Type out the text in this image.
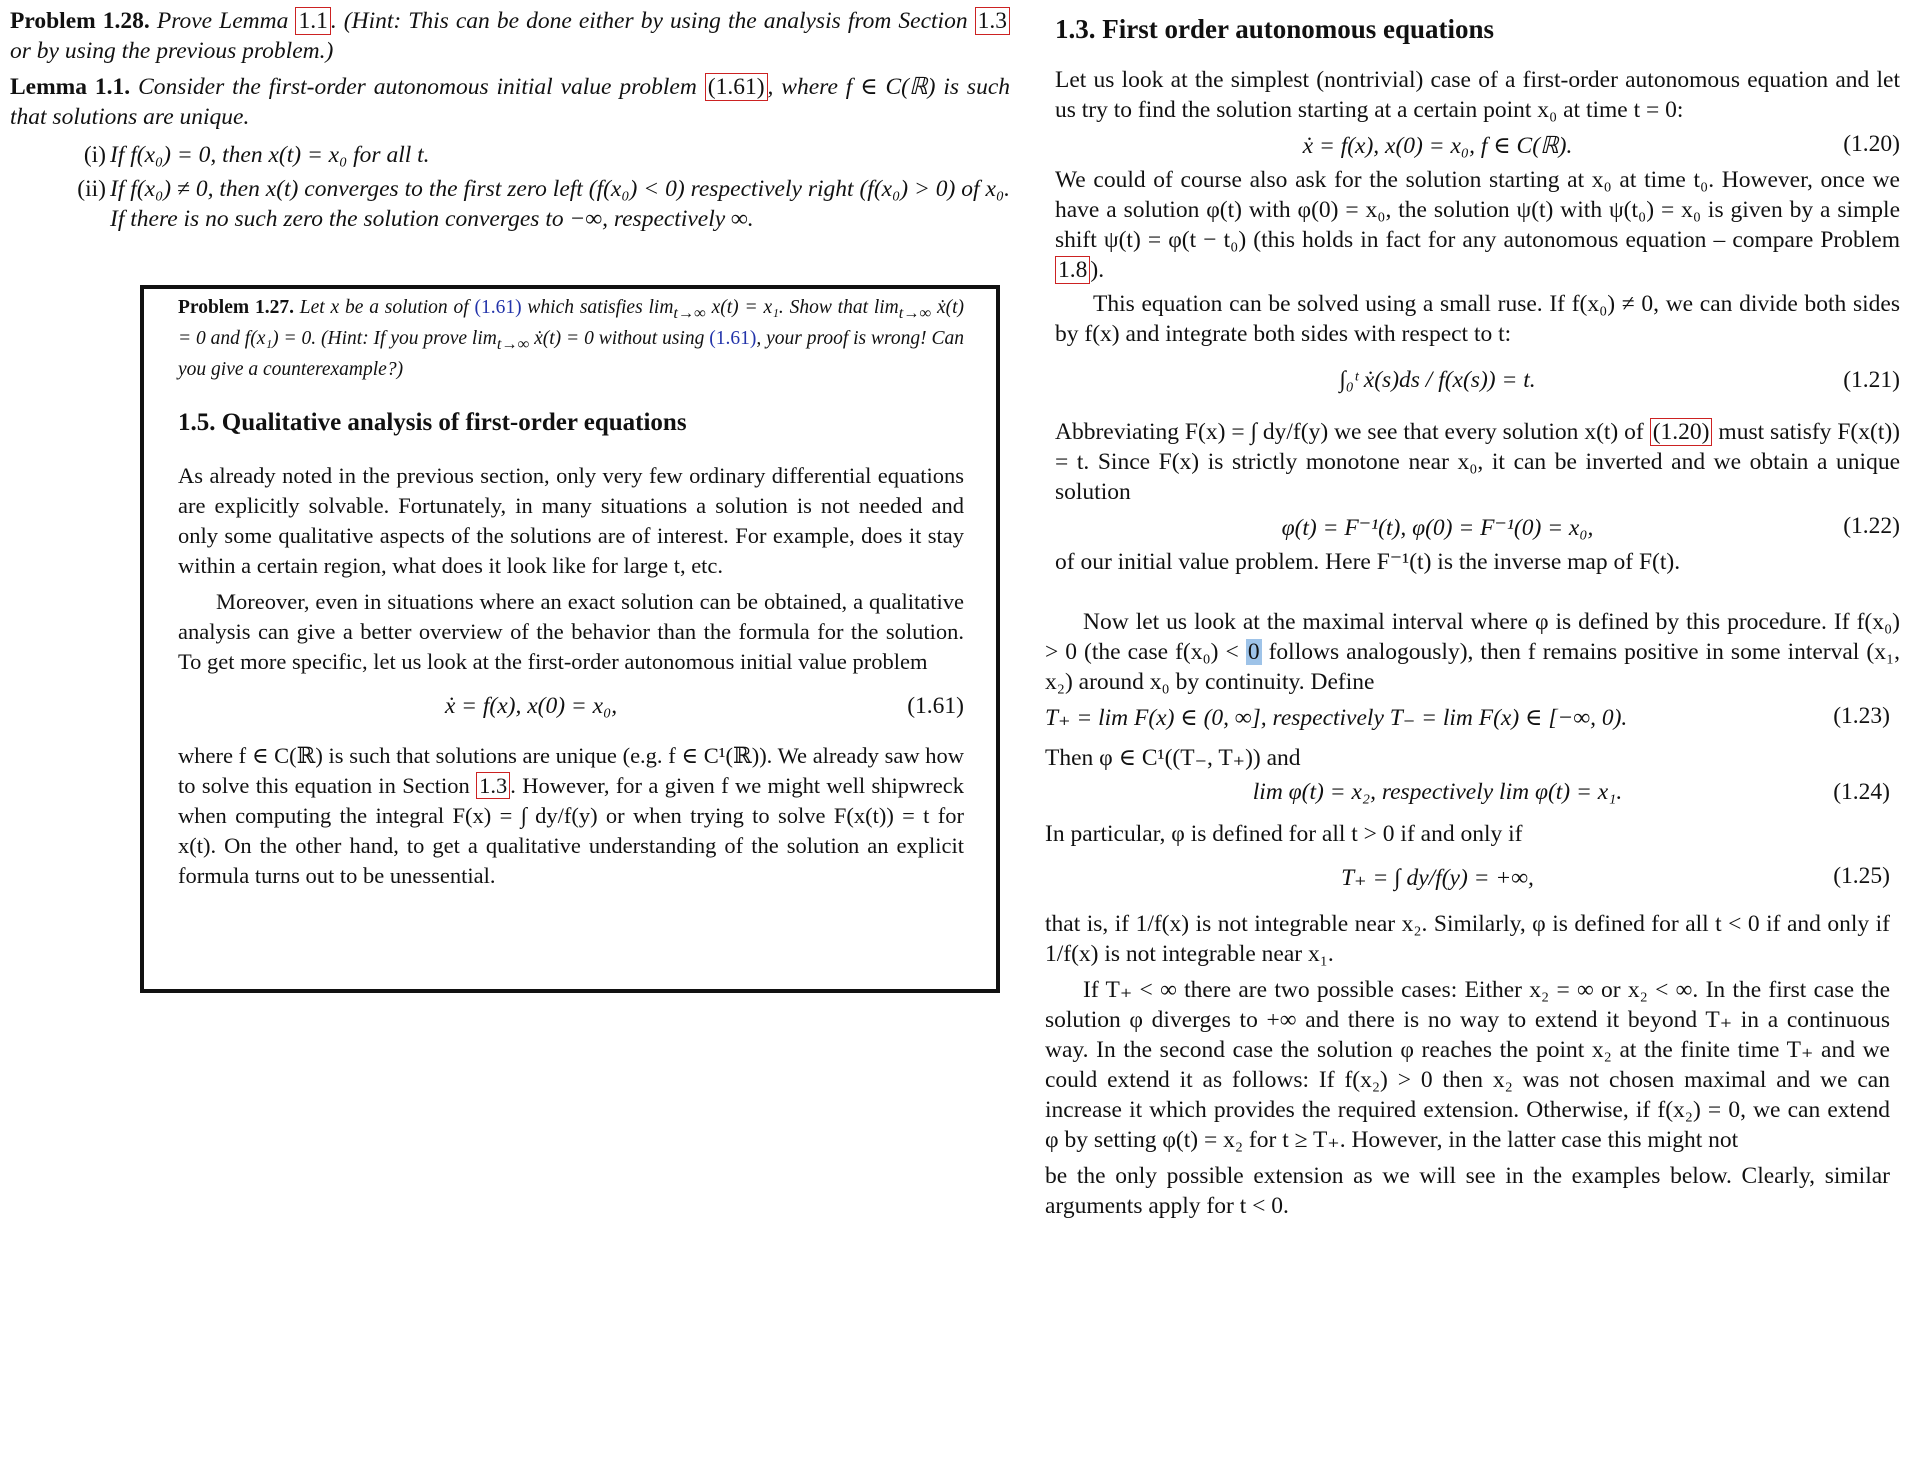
Problem 1.28. Prove Lemma 1.1 . (Hint: This can be done either by using the analysis from Section 1.3 or by using the previous problem.)

Lemma 1.1. Consider the first-order autonomous initial value problem (1.61) , where f ∈ C(ℝ) is such that solutions are unique.

(i) If f(x₀) = 0, then x(t) = x₀ for all t.
(ii) If f(x₀) ≠ 0, then x(t) converges to the first zero left (f(x₀) < 0) respectively right (f(x₀) > 0) of x₀. If there is no such zero the solution converges to −∞, respectively ∞.

Problem 1.27. Let x be a solution of (1.61) which satisfies $\lim_{t\to\infty} x(t) = x_1$. Show that $\lim_{t\to\infty}$ ẋ(t) = 0 and f(x₁) = 0. (Hint: If you prove $\lim_{t\to\infty}$ ẋ(t) = 0 without using (1.61), your proof is wrong! Can you give a counterexample?)

1.5. Qualitative analysis of first-order equations

As already noted in the previous section, only very few ordinary differential equations are explicitly solvable. Fortunately, in many situations a solution is not needed and only some qualitative aspects of the solutions are of interest. For example, does it stay within a certain region, what does it look like for large t, etc.

Moreover, even in situations where an exact solution can be obtained, a qualitative analysis can give a better overview of the behavior than the formula for the solution. To get more specific, let us look at the first-order autonomous initial value problem

ẋ = f(x), x(0) = x₀,	(1.61)

where f ∈ C(ℝ) is such that solutions are unique (e.g. f ∈ C¹(ℝ)). We already saw how to solve this equation in Section 1.3 . However, for a given f we might well shipwreck when computing the integral F(x) = ∫ dy/f(y) or when trying to solve F(x(t)) = t for x(t). On the other hand, to get a qualitative understanding of the solution an explicit formula turns out to be unessential.

1.3. First order autonomous equations

Let us look at the simplest (nontrivial) case of a first-order autonomous equation and let us try to find the solution starting at a certain point x₀ at time t = 0:

ẋ = f(x), x(0) = x₀, f ∈ C(ℝ).	(1.20)

We could of course also ask for the solution starting at x₀ at time t₀. However, once we have a solution φ(t) with φ(0) = x₀, the solution ψ(t) with ψ(t₀) = x₀ is given by a simple shift ψ(t) = φ(t − t₀) (this holds in fact for any autonomous equation – compare Problem 1.8 ).

This equation can be solved using a small ruse. If f(x₀) ≠ 0, we can divide both sides by f(x) and integrate both sides with respect to t:

∫₀ᵗ ẋ(s)ds / f(x(s)) = t.	(1.21)

Abbreviating F(x) = ∫ dy/f(y) we see that every solution x(t) of (1.20) must satisfy F(x(t)) = t. Since F(x) is strictly monotone near x₀, it can be inverted and we obtain a unique solution

φ(t) = F⁻¹(t), φ(0) = F⁻¹(0) = x₀,	(1.22)

of our initial value problem. Here F⁻¹(t) is the inverse map of F(t).

Now let us look at the maximal interval where φ is defined by this procedure. If f(x₀) > 0 (the case f(x₀) < 0 follows analogously), then f remains positive in some interval (x₁, x₂) around x₀ by continuity. Define

T₊ = lim F(x) ∈ (0, ∞], respectively T₋ = lim F(x) ∈ [−∞, 0).	(1.23)

Then φ ∈ C¹((T₋, T₊)) and

lim φ(t) = x₂, respectively lim φ(t) = x₁.	(1.24)

In particular, φ is defined for all t > 0 if and only if

T₊ = ∫ dy/f(y) = +∞,	(1.25)

that is, if 1/f(x) is not integrable near x₂. Similarly, φ is defined for all t < 0 if and only if 1/f(x) is not integrable near x₁.

If T₊ < ∞ there are two possible cases: Either x₂ = ∞ or x₂ < ∞. In the first case the solution φ diverges to +∞ and there is no way to extend it beyond T₊ in a continuous way. In the second case the solution φ reaches the point x₂ at the finite time T₊ and we could extend it as follows: If f(x₂) > 0 then x₂ was not chosen maximal and we can increase it which provides the required extension. Otherwise, if f(x₂) = 0, we can extend φ by setting φ(t) = x₂ for t ≥ T₊. However, in the latter case this might not

be the only possible extension as we will see in the examples below. Clearly, similar arguments apply for t < 0.
